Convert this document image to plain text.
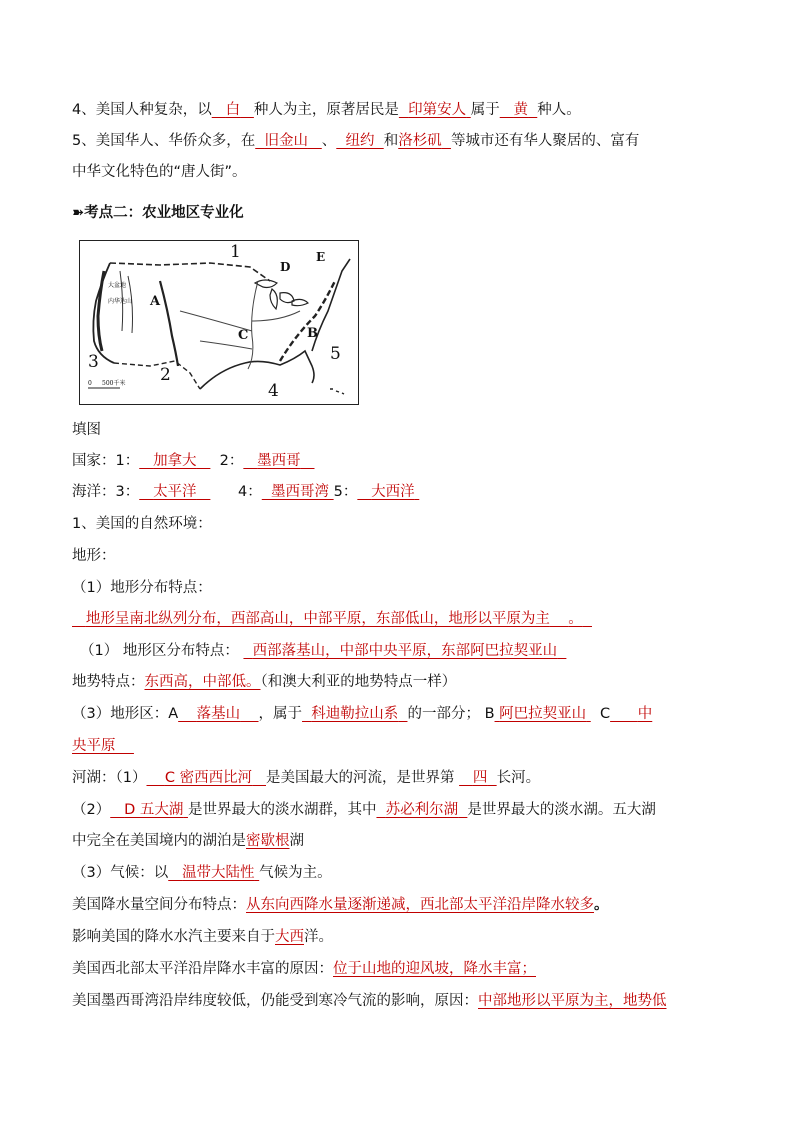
4、美国人种复杂，以 白 种人为主，原著居民是 印第安人 属于 黄 种人。
5、美国华人、华侨众多，在 旧金山 、 纽约 和洛杉矶 等城市还有华人聚居的、富有
中华文化特色的“唐人街”。
➽考点二：农业地区专业化
1
2
3
4
5
A
B
C
D
E
大盆地
内华达山
0 500千米
填图
国家：1： 加拿大 2： 墨西哥
海洋：3： 太平洋	4： 墨西哥湾 5： 大西洋
1、美国的自然环境：
地形：
（1）地形分布特点：
地形呈南北纵列分布，西部高山，中部平原，东部低山，地形以平原为主 。
（1） 地形区分布特点： 西部落基山，中部中央平原，东部阿巴拉契亚山
地势特点：东西高，中部低。（和澳大利亚的地势特点一样）
（3）地形区：A 落基山 ，属于 科迪勒拉山系 的一部分； B 阿巴拉契亚山 C 中
央平原
河湖：（1） C 密西西比河 是美国最大的河流，是世界第 四 长河。
（2） D 五大湖 是世界最大的淡水湖群，其中 苏必利尔湖 是世界最大的淡水湖。五大湖
中完全在美国境内的湖泊是密歇根湖
（3）气候：以 温带大陆性 气候为主。
美国降水量空间分布特点：从东向西降水量逐渐递减，西北部太平洋沿岸降水较多。
影响美国的降水水汽主要来自于大西洋。
美国西北部太平洋沿岸降水丰富的原因：位于山地的迎风坡，降水丰富；
美国墨西哥湾沿岸纬度较低，仍能受到寒冷气流的影响，原因：中部地形以平原为主，地势低
